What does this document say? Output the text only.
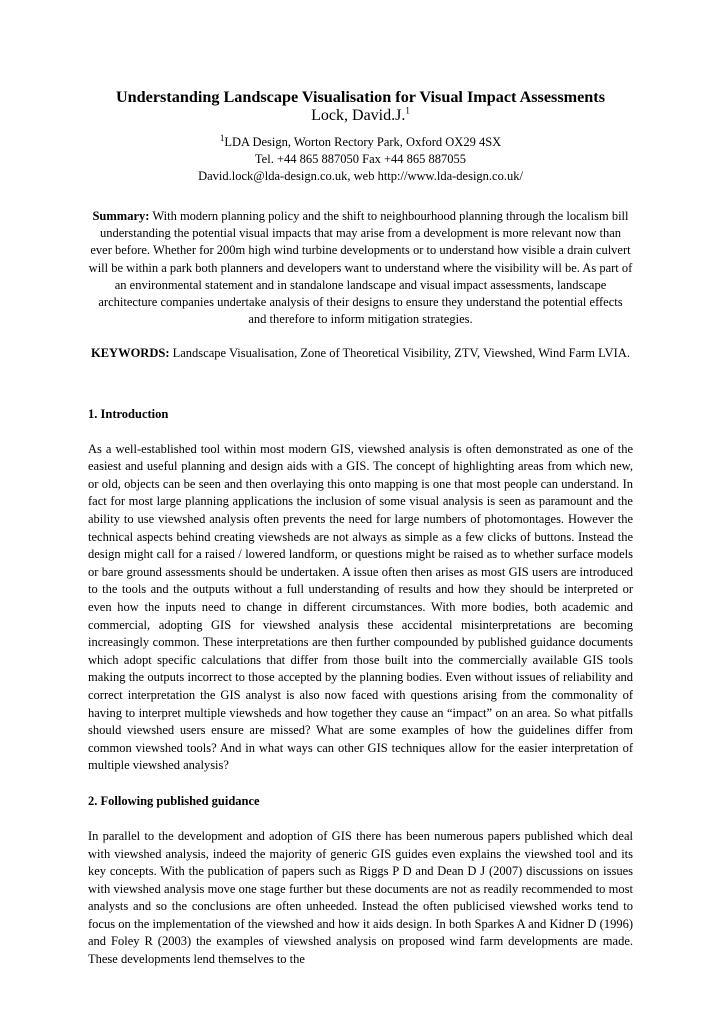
Understanding Landscape Visualisation for Visual Impact Assessments

Lock, David.J.$^1$

$^1$LDA Design, Worton Rectory Park, Oxford OX29 4SX

Tel. +44 865 887050 Fax +44 865 887055

David.lock@lda-design.co.uk, web http://www.lda-design.co.uk/

Summary: With modern planning policy and the shift to neighbourhood planning through the localism bill understanding the potential visual impacts that may arise from a development is more relevant now than ever before. Whether for 200m high wind turbine developments or to understand how visible a drain culvert will be within a park both planners and developers want to understand where the visibility will be. As part of an environmental statement and in standalone landscape and visual impact assessments, landscape architecture companies undertake analysis of their designs to ensure they understand the potential effects and therefore to inform mitigation strategies.

KEYWORDS: Landscape Visualisation, Zone of Theoretical Visibility, ZTV, Viewshed, Wind Farm LVIA.

1. Introduction

As a well-established tool within most modern GIS, viewshed analysis is often demonstrated as one of the easiest and useful planning and design aids with a GIS. The concept of highlighting areas from which new, or old, objects can be seen and then overlaying this onto mapping is one that most people can understand. In fact for most large planning applications the inclusion of some visual analysis is seen as paramount and the ability to use viewshed analysis often prevents the need for large numbers of photomontages. However the technical aspects behind creating viewsheds are not always as simple as a few clicks of buttons. Instead the design might call for a raised / lowered landform, or questions might be raised as to whether surface models or bare ground assessments should be undertaken. A issue often then arises as most GIS users are introduced to the tools and the outputs without a full understanding of results and how they should be interpreted or even how the inputs need to change in different circumstances. With more bodies, both academic and commercial, adopting GIS for viewshed analysis these accidental misinterpretations are becoming increasingly common. These interpretations are then further compounded by published guidance documents which adopt specific calculations that differ from those built into the commercially available GIS tools making the outputs incorrect to those accepted by the planning bodies. Even without issues of reliability and correct interpretation the GIS analyst is also now faced with questions arising from the commonality of having to interpret multiple viewsheds and how together they cause an “impact” on an area. So what pitfalls should viewshed users ensure are missed? What are some examples of how the guidelines differ from common viewshed tools? And in what ways can other GIS techniques allow for the easier interpretation of multiple viewshed analysis?

2. Following published guidance

In parallel to the development and adoption of GIS there has been numerous papers published which deal with viewshed analysis, indeed the majority of generic GIS guides even explains the viewshed tool and its key concepts. With the publication of papers such as Riggs P D and Dean D J (2007) discussions on issues with viewshed analysis move one stage further but these documents are not as readily recommended to most analysts and so the conclusions are often unheeded. Instead the often publicised viewshed works tend to focus on the implementation of the viewshed and how it aids design. In both Sparkes A and Kidner D (1996) and Foley R (2003) the examples of viewshed analysis on proposed wind farm developments are made. These developments lend themselves to the
